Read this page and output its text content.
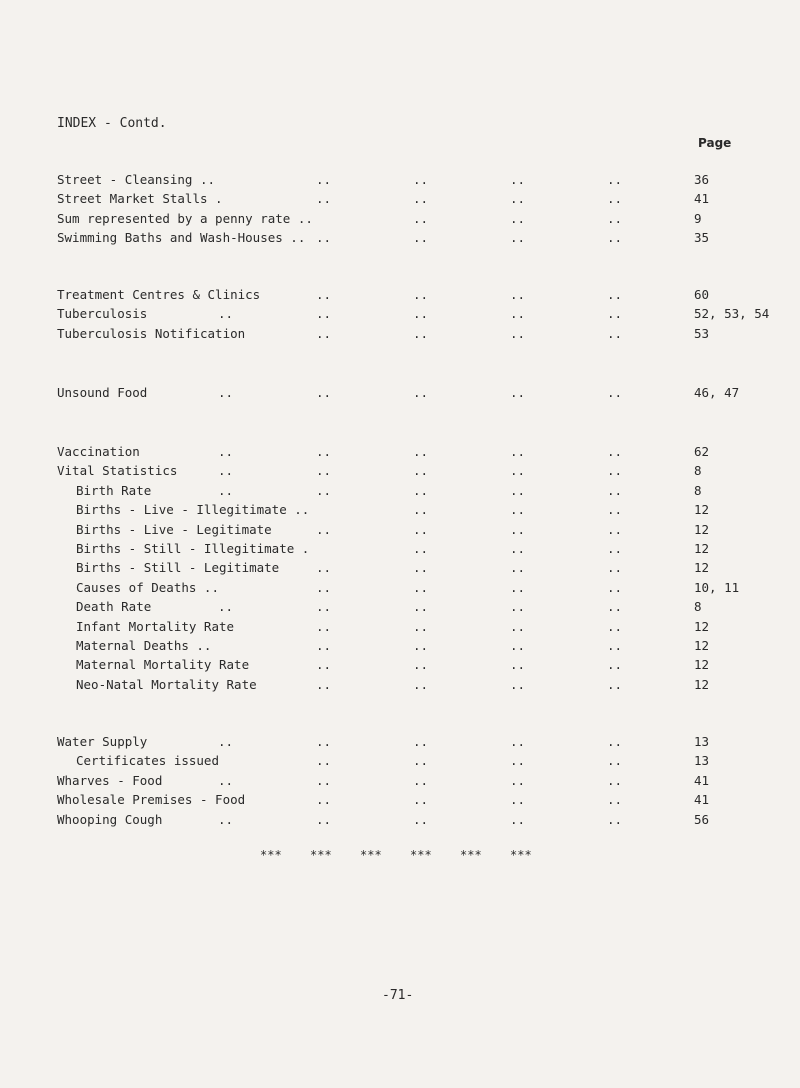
INDEX - Contd.
Page
Street - Cleansing ..	..	..	..	..	36
Street Market Stalls .	..	..	..	..	41
Sum represented by a penny rate ..	..	..	..	9
Swimming Baths and Wash-Houses .. ..	..	..	..	35
Treatment Centres & Clinics	..	..	..	..	60
Tuberculosis	..	..	..	..	..	52, 53, 54
Tuberculosis Notification	..	..	..	..	53
Unsound Food	..	..	..	..	..	46, 47
Vaccination	..	..	..	..	..	62
Vital Statistics	..	..	..	..	..	8
Birth Rate	..	..	..	..	..	8
Births - Live - Illegitimate ..	..	..	..	12
Births - Live - Legitimate	..	..	..	..	12
Births - Still - Illegitimate .	..	..	..	12
Births - Still - Legitimate	..	..	..	..	12
Causes of Deaths ..	..	..	..	..	10, 11
Death Rate	..	..	..	..	..	8
Infant Mortality Rate	..	..	..	..	12
Maternal Deaths ..	..	..	..	..	12
Maternal Mortality Rate	..	..	..	..	12
Neo-Natal Mortality Rate	..	..	..	..	12
Water Supply	..	..	..	..	..	13
Certificates issued	..	..	..	..	13
Wharves - Food	..	..	..	..	..	41
Wholesale Premises - Food	..	..	..	..	41
Whooping Cough	..	..	..	..	..	56
*** *** *** *** *** ***
-71-
